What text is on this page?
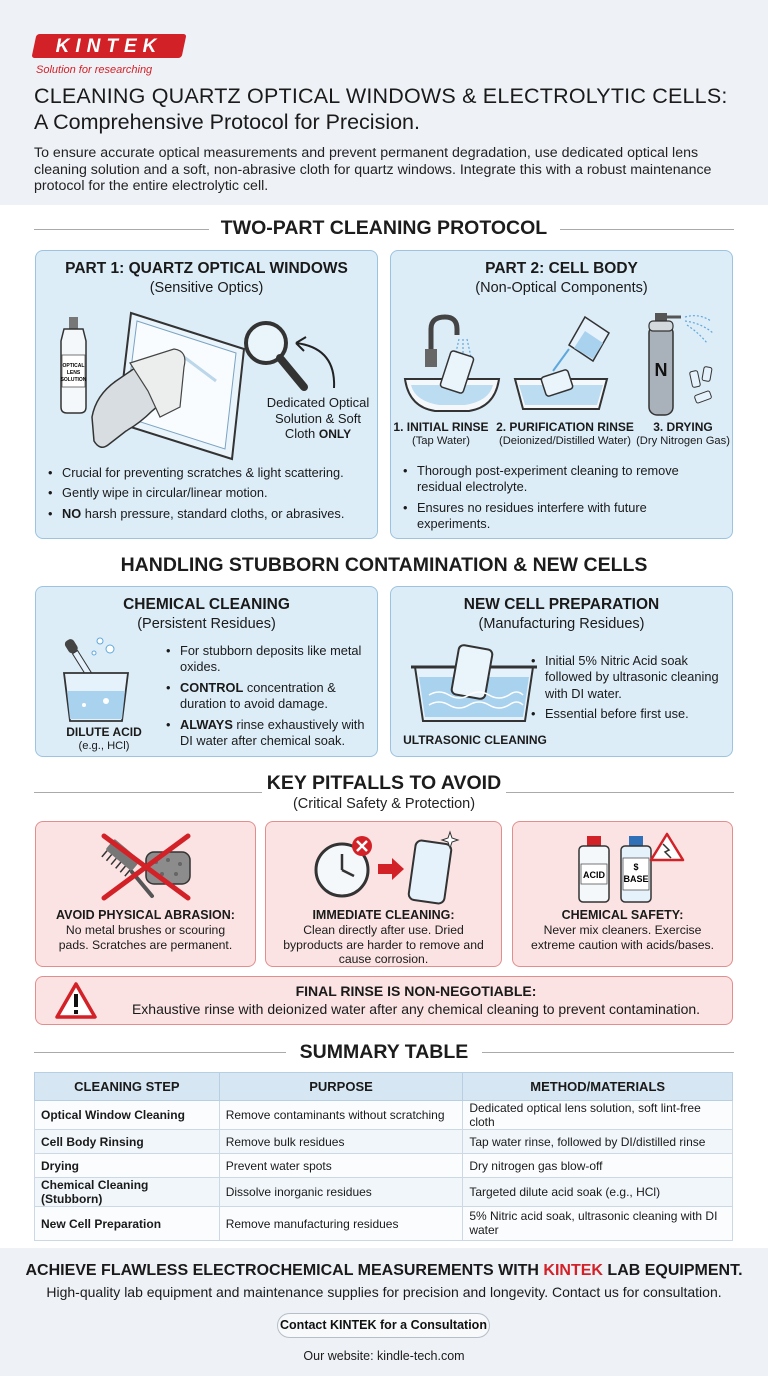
KINTEK
Solution for researching
CLEANING QUARTZ OPTICAL WINDOWS & ELECTROLYTIC CELLS:
A Comprehensive Protocol for Precision.
To ensure accurate optical measurements and prevent permanent degradation, use dedicated optical lens cleaning solution and a soft, non-abrasive cloth for quartz windows. Integrate this with a robust maintenance protocol for the entire electrolytic cell.
TWO-PART CLEANING PROTOCOL
PART 1: QUARTZ OPTICAL WINDOWS
(Sensitive Optics)
OPTICAL
LENS
SOLUTION
Dedicated Optical
Solution & Soft
Cloth ONLY
• Crucial for preventing scratches & light scattering.
• Gently wipe in circular/linear motion.
• NO harsh pressure, standard cloths, or abrasives.
PART 2: CELL BODY
(Non-Optical Components)
N
1. INITIAL RINSE
(Tap Water)
2. PURIFICATION RINSE
(Deionized/Distilled Water)
3. DRYING
(Dry Nitrogen Gas)
• Thorough post-experiment cleaning to remove residual electrolyte.
• Ensures no residues interfere with future experiments.
HANDLING STUBBORN CONTAMINATION & NEW CELLS
CHEMICAL CLEANING
(Persistent Residues)
DILUTE ACID
(e.g., HCl)
• For stubborn deposits like metal oxides.
• CONTROL concentration & duration to avoid damage.
• ALWAYS rinse exhaustively with DI water after chemical soak.
NEW CELL PREPARATION
(Manufacturing Residues)
ULTRASONIC CLEANING
• Initial 5% Nitric Acid soak followed by ultrasonic cleaning with DI water.
• Essential before first use.
KEY PITFALLS TO AVOID
(Critical Safety & Protection)
AVOID PHYSICAL ABRASION:
No metal brushes or scouring pads. Scratches are permanent.
IMMEDIATE CLEANING:
Clean directly after use. Dried byproducts are harder to remove and cause corrosion.
ACID
$
BASE
CHEMICAL SAFETY:
Never mix cleaners. Exercise extreme caution with acids/bases.
FINAL RINSE IS NON-NEGOTIABLE:
Exhaustive rinse with deionized water after any chemical cleaning to prevent contamination.
SUMMARY TABLE
CLEANING STEP	PURPOSE	METHOD/MATERIALS
Optical Window Cleaning	Remove contaminants without scratching	Dedicated optical lens solution, soft lint-free cloth
Cell Body Rinsing	Remove bulk residues	Tap water rinse, followed by DI/distilled rinse
Drying	Prevent water spots	Dry nitrogen gas blow-off
Chemical Cleaning (Stubborn)	Dissolve inorganic residues	Targeted dilute acid soak (e.g., HCl)
New Cell Preparation	Remove manufacturing residues	5% Nitric acid soak, ultrasonic cleaning with DI water
ACHIEVE FLAWLESS ELECTROCHEMICAL MEASUREMENTS WITH KINTEK LAB EQUIPMENT.
High-quality lab equipment and maintenance supplies for precision and longevity. Contact us for consultation.
Contact KINTEK for a Consultation
Our website: kindle-tech.com
